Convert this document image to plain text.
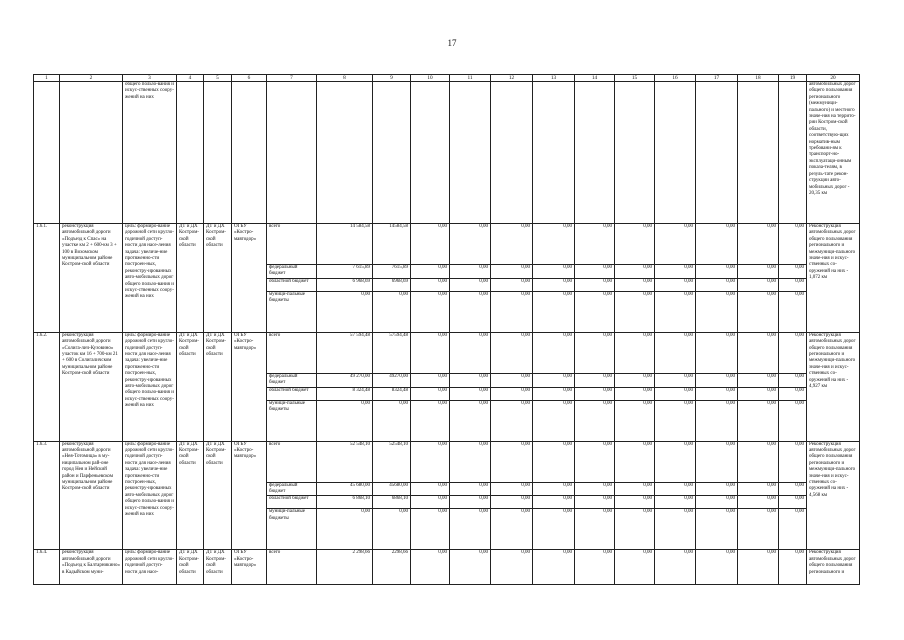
17
1	2	3	4	5	6	7	8	9	10	11	12	13	14	15	16	17	18	19	20
		общего пользо-вания и искус-ственных соору-жений на них																	автомобильных дорог общего пользования регионального (межмуници-пального) и местного значе-ния на террито-рии Костром-ской области, соответствую-щих норматив-ным требовани-ям к транспорт-но-эксплуатаци-онным показа-телям, в резуль-тате рекон-струкции авто-мобильных дорог - 20,35 км
1.6.1.	реконструкция автомобильной дороги «Подъезд к Спас» на участке км 2 + 600-км 3 + 100 в Вохомском муниципальном районе Костром-ской области	цель: формиро-вание дорожной сети кругло-годичной доступ-ности для насе-ления задача: увеличе-ние протяженно-сти построен-ных, реконстру-ированных авто-мобильных дорог общего пользо-вания и искус-ственных соору-жений на них	ДТ и ДХ Костром-ской области	ДТ и ДХ Костром-ской области	ОГБУ «Костро-мавтодор»	всего	14 584,58	14584,58	0,00	0,00	0,00	0,00	0,00	0,00	0,00	0,00	0,00	0,00	Реконструкция автомобильных дорог общего пользования регионального и межмуници-пального значе-ния и искус-ственных со-оружений на них - 1,072 км
						федеральный бюджет	7 615,89	7615,89	0,00	0,00	0,00	0,00	0,00	0,00	0,00	0,00	0,00	0,00	
						областной бюджет	6 968,69	6968,69	0,00	0,00	0,00	0,00	0,00	0,00	0,00	0,00	0,00	0,00	
						муници-пальные бюджеты	0,00	0,00	0,00	0,00	0,00	0,00	0,00	0,00	0,00	0,00	0,00	0,00	
1.6.2.	реконструкция автомобильной дороги «Солига-лич-Кузовино» участок км 16 + 700-км 21 + 600 в Солигаличском муниципальном районе Костром-ской области	цель: формиро-вание дорожной сети кругло-годичной доступ-ности для насе-ления задача: увеличе-ние протяженно-сти построен-ных, реконстру-ированных авто-мобильных дорог общего пользо-вания и искус-ственных соору-жений на них	ДТ и ДХ Костром-ской области	ДТ и ДХ Костром-ской области	ОГБУ «Костро-мавтодор»	всего	57 594,48	57594,48	0,00	0,00	0,00	0,00	0,00	0,00	0,00	0,00	0,00	0,00	Реконструкция автомобильных дорог общего пользования регионального и межмуници-пального значе-ния и искус-ственных со-оружений на них - 4,927 км
						федеральный бюджет	49 270,00	49270,00	0,00	0,00	0,00	0,00	0,00	0,00	0,00	0,00	0,00	0,00	
						областной бюджет	8 324,48	8324,48	0,00	0,00	0,00	0,00	0,00	0,00	0,00	0,00	0,00	0,00	
						муници-пальные бюджеты	0,00	0,00	0,00	0,00	0,00	0,00	0,00	0,00	0,00	0,00	0,00	0,00	
1.6.3.	реконструкция автомобильной дороги «Нея-Тотомица» в му-ниципальном рай-оне город Нея и Нейский район и Парфеньевском муниципальном районе Костром-ской области	цель: формиро-вание дорожной сети кругло-годичной доступ-ности для насе-ления задача: увеличе-ние протяженно-сти построен-ных, реконстру-ированных авто-мобильных дорог общего пользо-вания и искус-ственных соору-жений на них	ДТ и ДХ Костром-ской области	ДТ и ДХ Костром-ской области	ОГБУ «Костро-мавтодор»	всего	52 548,10	52548,10	0,00	0,00	0,00	0,00	0,00	0,00	0,00	0,00	0,00	0,00	Реконструкция автомобильных дорог общего пользования регионального и межмуници-пального значе-ния и искус-ственных со-оружений на них - 4,568 км
						федеральный бюджет	45 680,00	45680,00	0,00	0,00	0,00	0,00	0,00	0,00	0,00	0,00	0,00	0,00	
						областной бюджет	6 868,10	6868,10	0,00	0,00	0,00	0,00	0,00	0,00	0,00	0,00	0,00	0,00	
						муници-пальные бюджеты	0,00	0,00	0,00	0,00	0,00	0,00	0,00	0,00	0,00	0,00	0,00	0,00	
1.6.4.	реконструкция автомобильной дороги «Подъезд к Балтарникино» в Кадыйском муни-	цель: формиро-вание дорожной сети кругло-годичной доступ-ности для насе-	ДТ и ДХ Костром-ской области	ДТ и ДХ Костром-ской области	ОГБУ «Костро-мавтодор»	всего	2 298,66	2298,66	0,00	0,00	0,00	0,00	0,00	0,00	0,00	0,00	0,00	0,00	Реконструкция автомобильных дорог общего пользования регионального и
